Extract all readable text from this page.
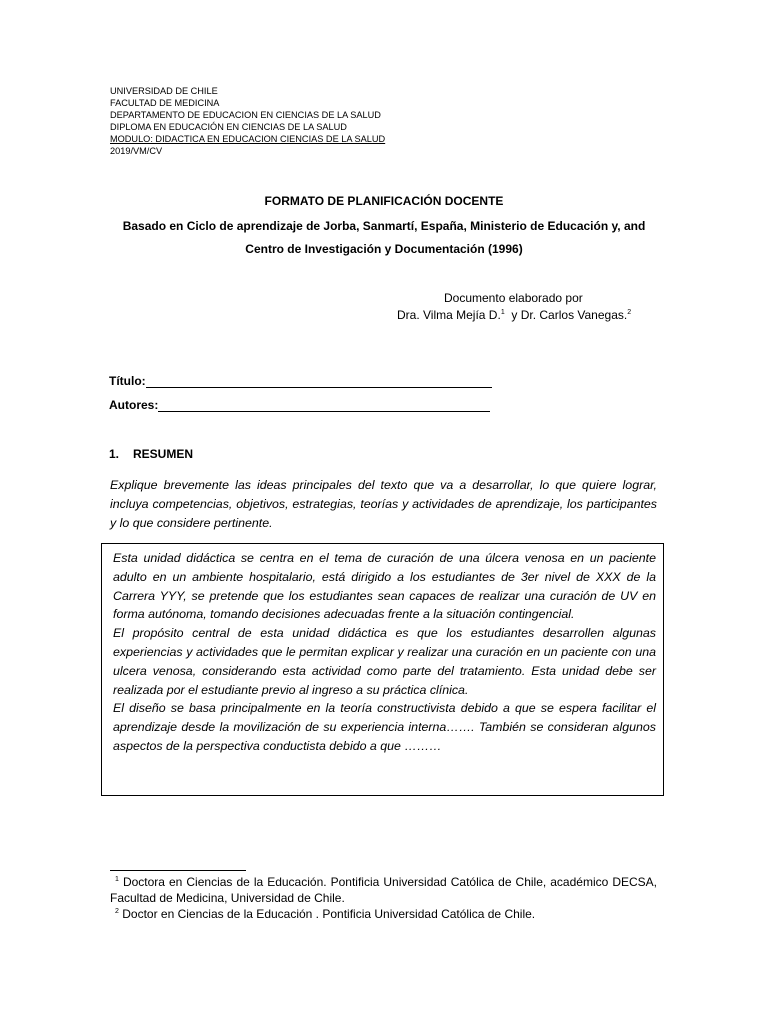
UNIVERSIDAD DE CHILE
FACULTAD DE MEDICINA
DEPARTAMENTO DE EDUCACION EN CIENCIAS DE LA SALUD
DIPLOMA EN EDUCACIÓN EN CIENCIAS DE LA SALUD
MODULO: DIDACTICA EN EDUCACION CIENCIAS DE LA SALUD
2019/VM/CV
FORMATO DE PLANIFICACIÓN DOCENTE
Basado en Ciclo de aprendizaje de Jorba, Sanmartí, España, Ministerio de Educación y, and
Centro de Investigación y Documentación (1996)
Documento elaborado por
Dra. Vilma Mejía D.$^1$  y Dr. Carlos Vanegas.$^2$
Título:
Autores:
1. RESUMEN
Explique brevemente las ideas principales del texto que va a desarrollar, lo que quiere lograr, incluya competencias, objetivos, estrategias, teorías y actividades de aprendizaje, los participantes y lo que considere pertinente.

Esta unidad didáctica se centra en el tema de curación de una úlcera venosa en un paciente adulto en un ambiente hospitalario, está dirigido a los estudiantes de 3er nivel de XXX de la Carrera YYY, se pretende que los estudiantes sean capaces de realizar una curación de UV en forma autónoma, tomando decisiones adecuadas frente a la situación contingencial.

El propósito central de esta unidad didáctica es que los estudiantes desarrollen algunas experiencias y actividades que le permitan explicar y realizar una curación en un paciente con una ulcera venosa, considerando esta actividad como parte del tratamiento. Esta unidad debe ser realizada por el estudiante previo al ingreso a su práctica clínica.

El diseño se basa principalmente en la teoría constructivista debido a que se espera facilitar el aprendizaje desde la movilización de su experiencia interna……. También se consideran algunos aspectos de la perspectiva conductista debido a que ………

$^1$ Doctora en Ciencias de la Educación. Pontificia Universidad Católica de Chile, académico DECSA, Facultad de Medicina, Universidad de Chile.

$^2$ Doctor en Ciencias de la Educación . Pontificia Universidad Católica de Chile.
